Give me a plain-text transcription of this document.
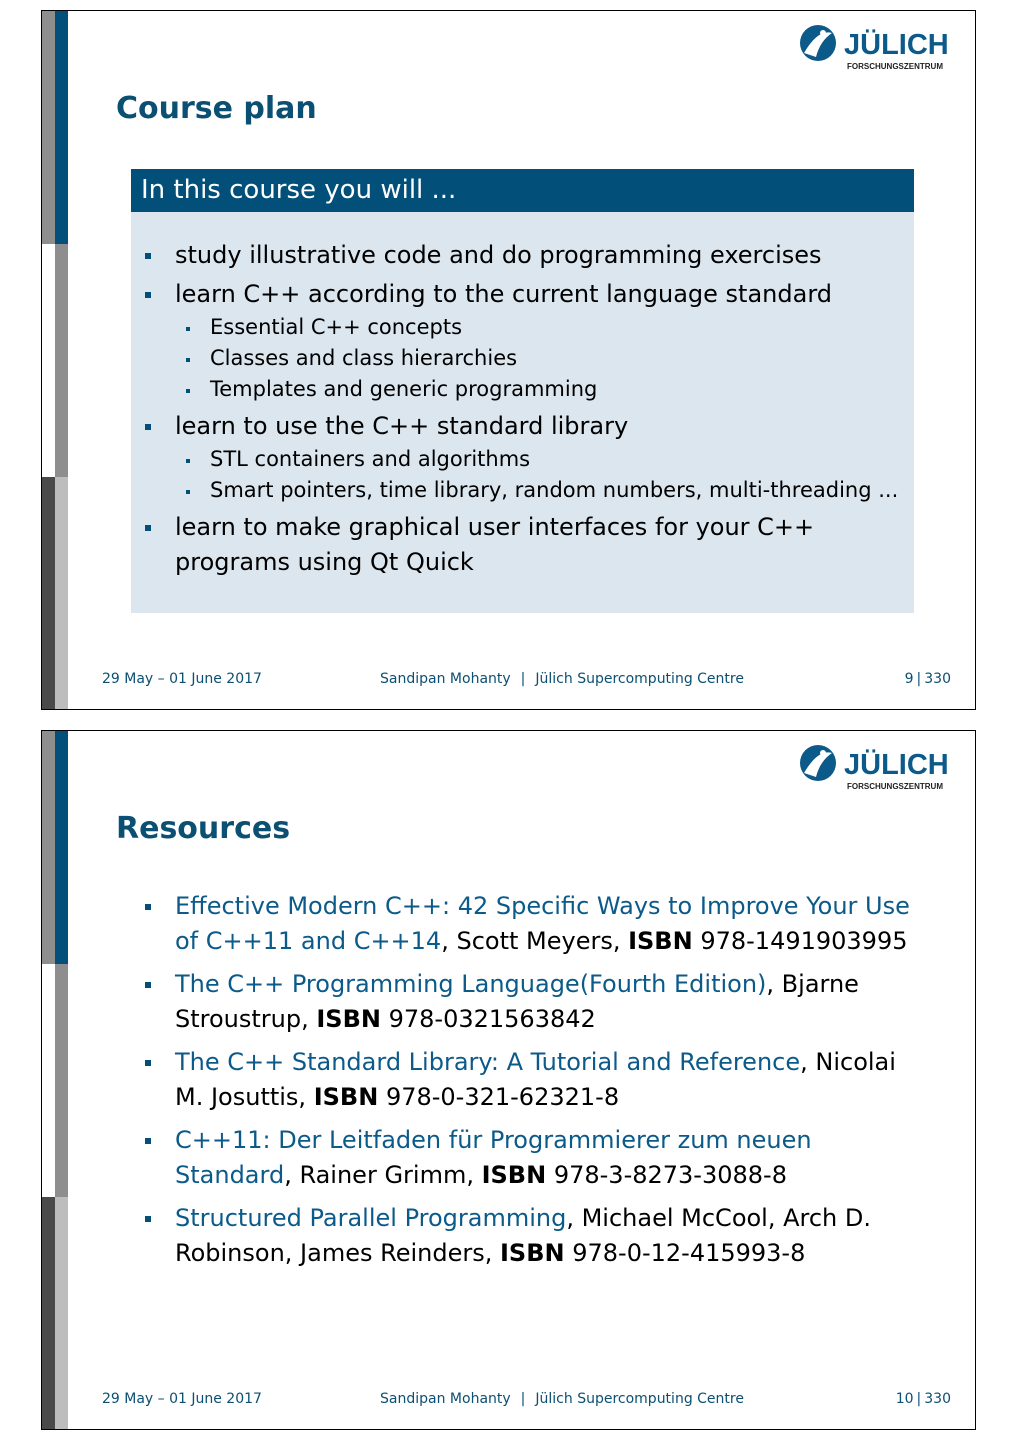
JÜLICH
FORSCHUNGSZENTRUM
Course plan
In this course you will ...
study illustrative code and do programming exercises
learn C++ according to the current language standard
Essential C++ concepts
Classes and class hierarchies
Templates and generic programming
learn to use the C++ standard library
STL containers and algorithms
Smart pointers, time library, random numbers, multi-threading ...
learn to make graphical user interfaces for your C++ programs using Qt Quick
29 May – 01 June 2017	Sandipan Mohanty | Jülich Supercomputing Centre	9 | 330
JÜLICH
FORSCHUNGSZENTRUM
Resources
Effective Modern C++: 42 Specific Ways to Improve Your Use of C++11 and C++14, Scott Meyers, ISBN 978-1491903995
The C++ Programming Language(Fourth Edition), Bjarne Stroustrup, ISBN 978-0321563842
The C++ Standard Library: A Tutorial and Reference, Nicolai M. Josuttis, ISBN 978-0-321-62321-8
C++11: Der Leitfaden für Programmierer zum neuen Standard, Rainer Grimm, ISBN 978-3-8273-3088-8
Structured Parallel Programming, Michael McCool, Arch D. Robinson, James Reinders, ISBN 978-0-12-415993-8
29 May – 01 June 2017	Sandipan Mohanty | Jülich Supercomputing Centre	10 | 330
